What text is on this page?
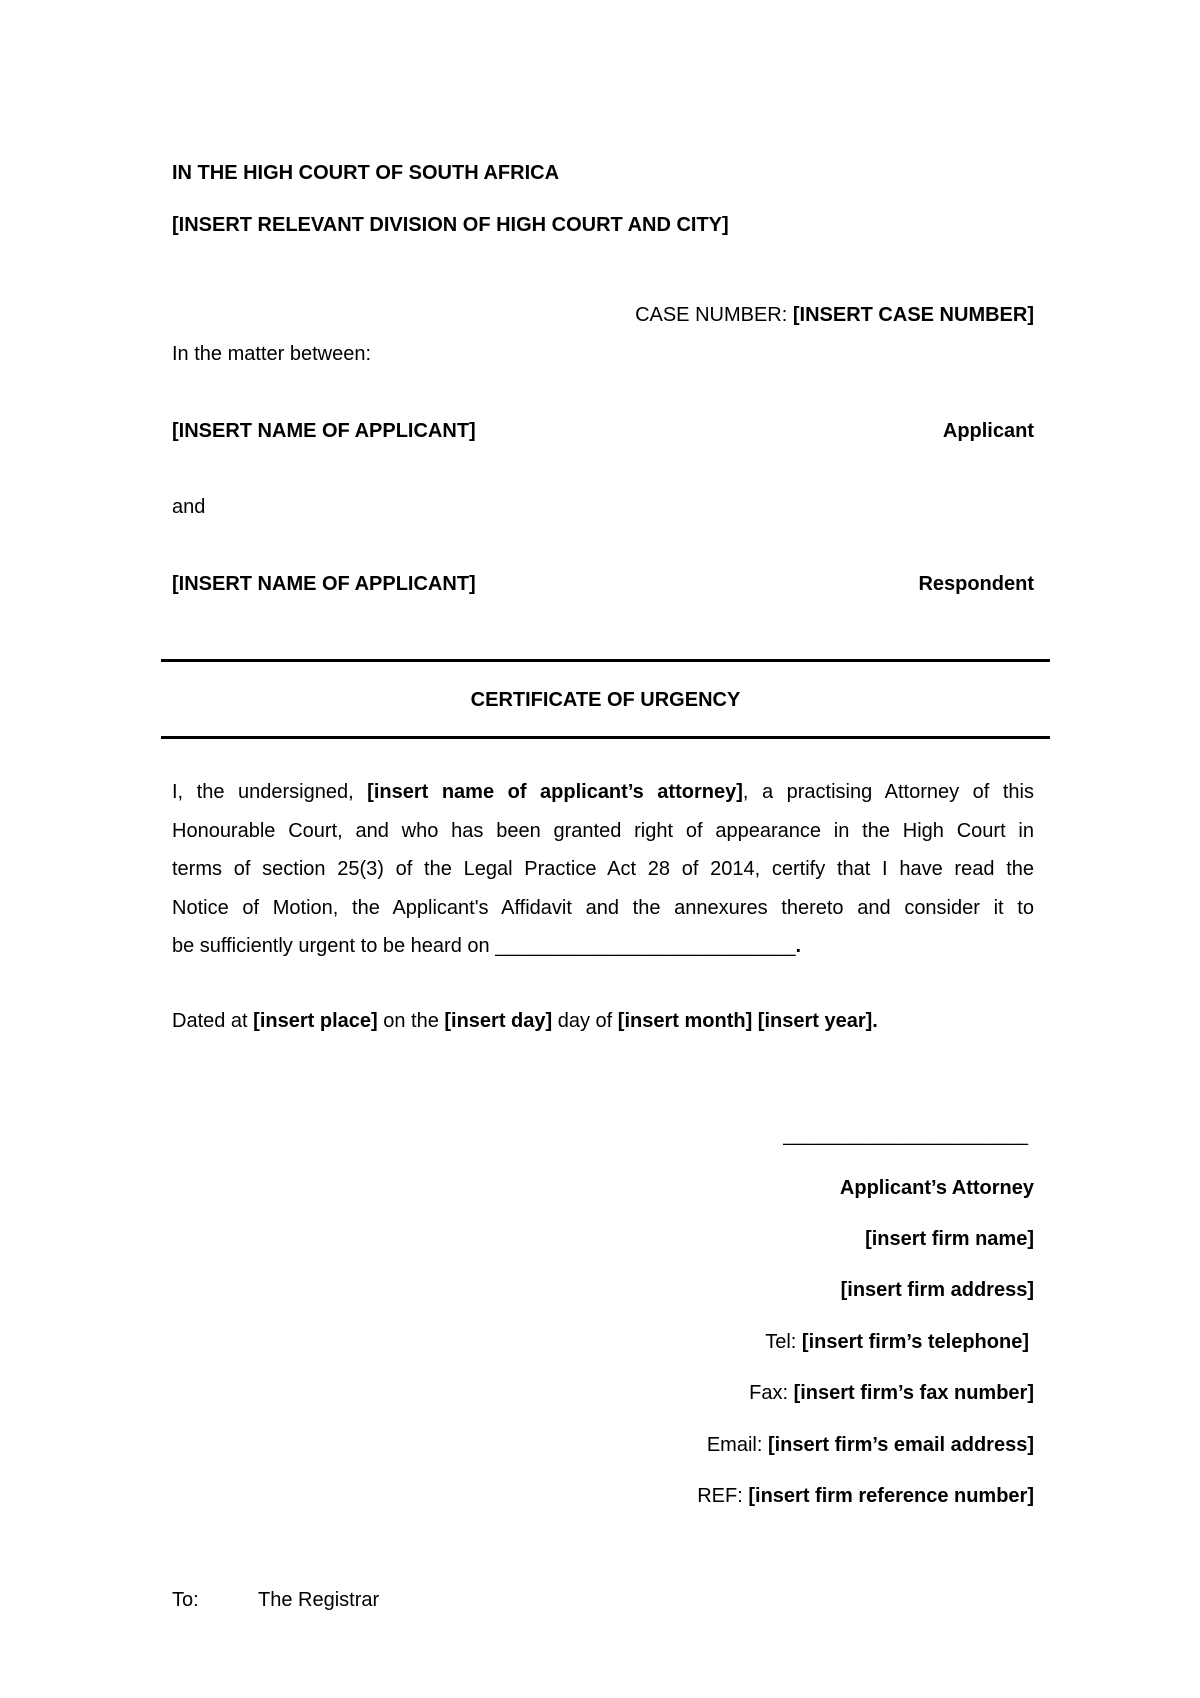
IN THE HIGH COURT OF SOUTH AFRICA
[INSERT RELEVANT DIVISION OF HIGH COURT AND CITY]
CASE NUMBER: [INSERT CASE NUMBER]
In the matter between:
[INSERT NAME OF APPLICANT]	Applicant
and
[INSERT NAME OF APPLICANT]	Respondent
CERTIFICATE OF URGENCY
I, the undersigned, [insert name of applicant’s attorney], a practising Attorney of this
Honourable Court, and who has been granted right of appearance in the High Court in
terms of section 25(3) of the Legal Practice Act 28 of 2014, certify that I have read the
Notice of Motion, the Applicant's Affidavit and the annexures thereto and consider it to
be sufficiently urgent to be heard on ___________________________.
Dated at [insert place] on the [insert day] day of [insert month] [insert year].
______________________
Applicant’s Attorney
[insert firm name]
[insert firm address]
Tel: [insert firm’s telephone]
Fax: [insert firm’s fax number]
Email: [insert firm’s email address]
REF: [insert firm reference number]
To:	The Registrar
